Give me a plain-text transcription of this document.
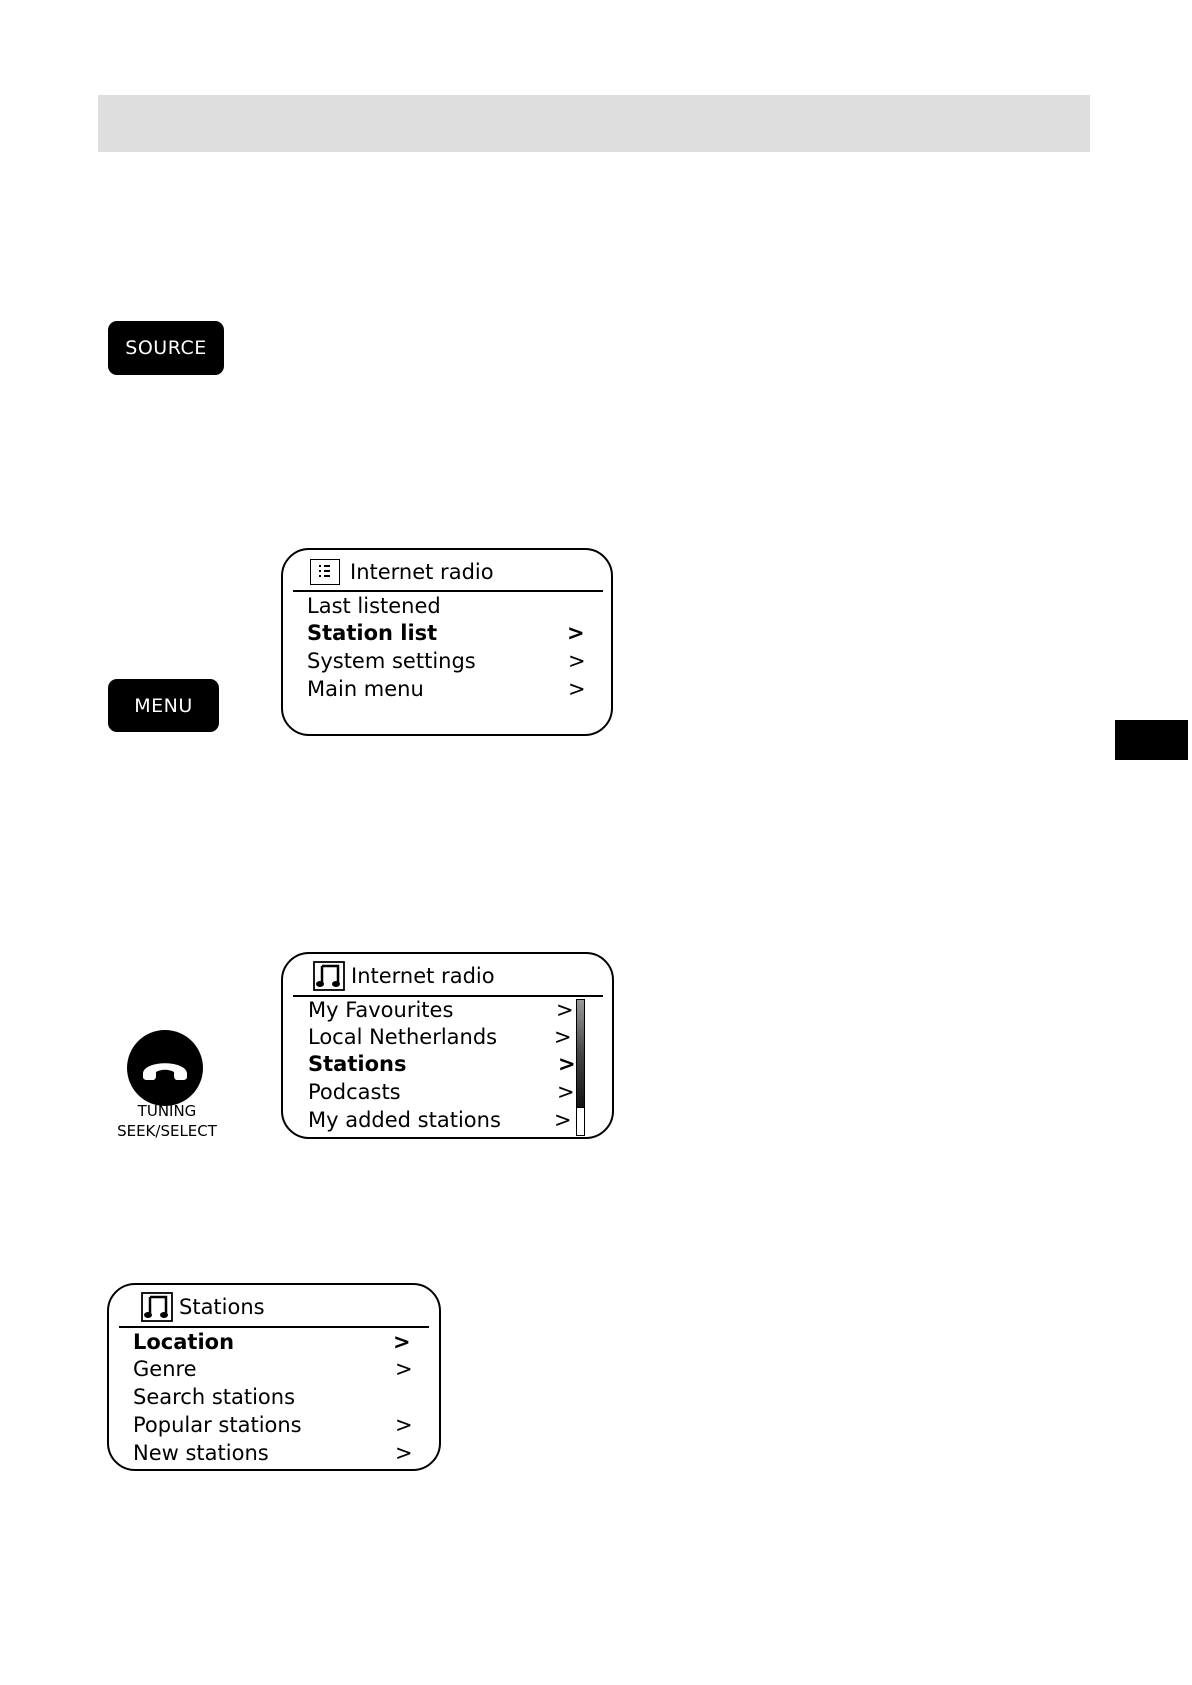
SOURCE
MENU
TUNING
SEEK/SELECT
Internet radio
Last listened
Station list	>
System settings	>
Main menu	>
Internet radio
My Favourites	>
Local Netherlands	>
Stations	>
Podcasts	>
My added stations	>
Stations
Location	>
Genre	>
Search stations
Popular stations	>
New stations	>
